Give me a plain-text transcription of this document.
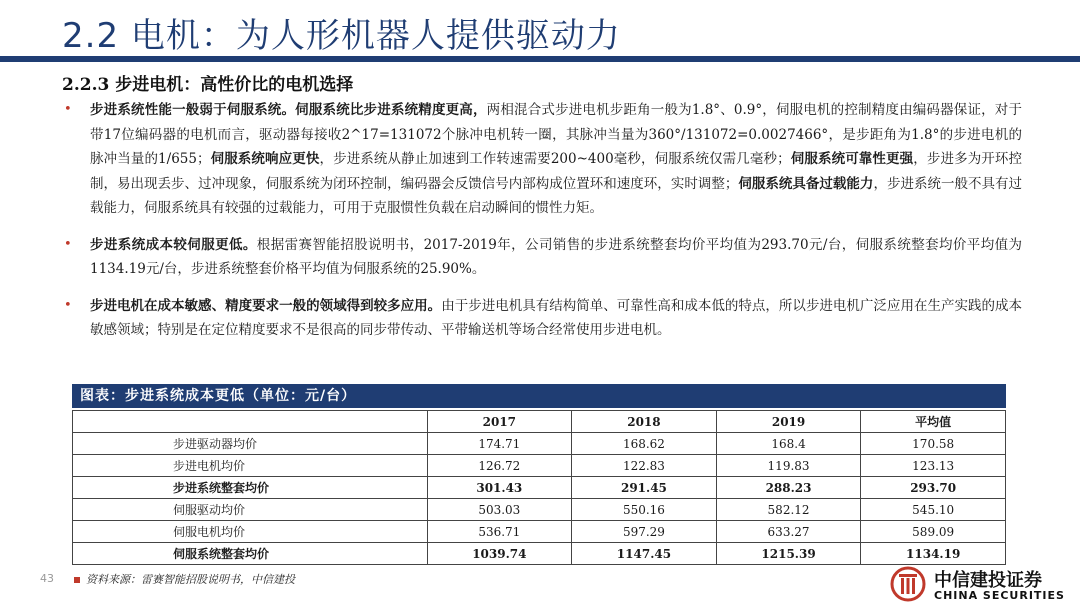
2.2 电机：为人形机器人提供驱动力
2.2.3 步进电机：高性价比的电机选择
• 步进系统性能一般弱于伺服系统。伺服系统比步进系统精度更高，两相混合式步进电机步距角一般为1.8°、0.9°，伺服电机的控制精度由编码器保证，对于带17位编码器的电机而言，驱动器每接收2^17=131072个脉冲电机转一圈，其脉冲当量为360°/131072=0.0027466°，是步距角为1.8°的步进电机的脉冲当量的1/655；伺服系统响应更快，步进系统从静止加速到工作转速需要200~400毫秒，伺服系统仅需几毫秒；伺服系统可靠性更强，步进多为开环控制，易出现丢步、过冲现象，伺服系统为闭环控制，编码器会反馈信号内部构成位置环和速度环，实时调整；伺服系统具备过载能力，步进系统一般不具有过载能力，伺服系统具有较强的过载能力，可用于克服惯性负载在启动瞬间的惯性力矩。
• 步进系统成本较伺服更低。根据雷赛智能招股说明书，2017-2019年，公司销售的步进系统整套均价平均值为293.70元/台，伺服系统整套均价平均值为1134.19元/台，步进系统整套价格平均值为伺服系统的25.90%。
• 步进电机在成本敏感、精度要求一般的领域得到较多应用。由于步进电机具有结构简单、可靠性高和成本低的特点，所以步进电机广泛应用在生产实践的成本敏感领域；特别是在定位精度要求不是很高的同步带传动、平带输送机等场合经常使用步进电机。
图表：步进系统成本更低（单位：元/台）
	2017	2018	2019	平均值
步进驱动器均价	174.71	168.62	168.4	170.58
步进电机均价	126.72	122.83	119.83	123.13
步进系统整套均价	301.43	291.45	288.23	293.70
伺服驱动均价	503.03	550.16	582.12	545.10
伺服电机均价	536.71	597.29	633.27	589.09
伺服系统整套均价	1039.74	1147.45	1215.39	1134.19
43	资料来源：雷赛智能招股说明书，中信建投	中信建投证券
CHINA SECURITIES
